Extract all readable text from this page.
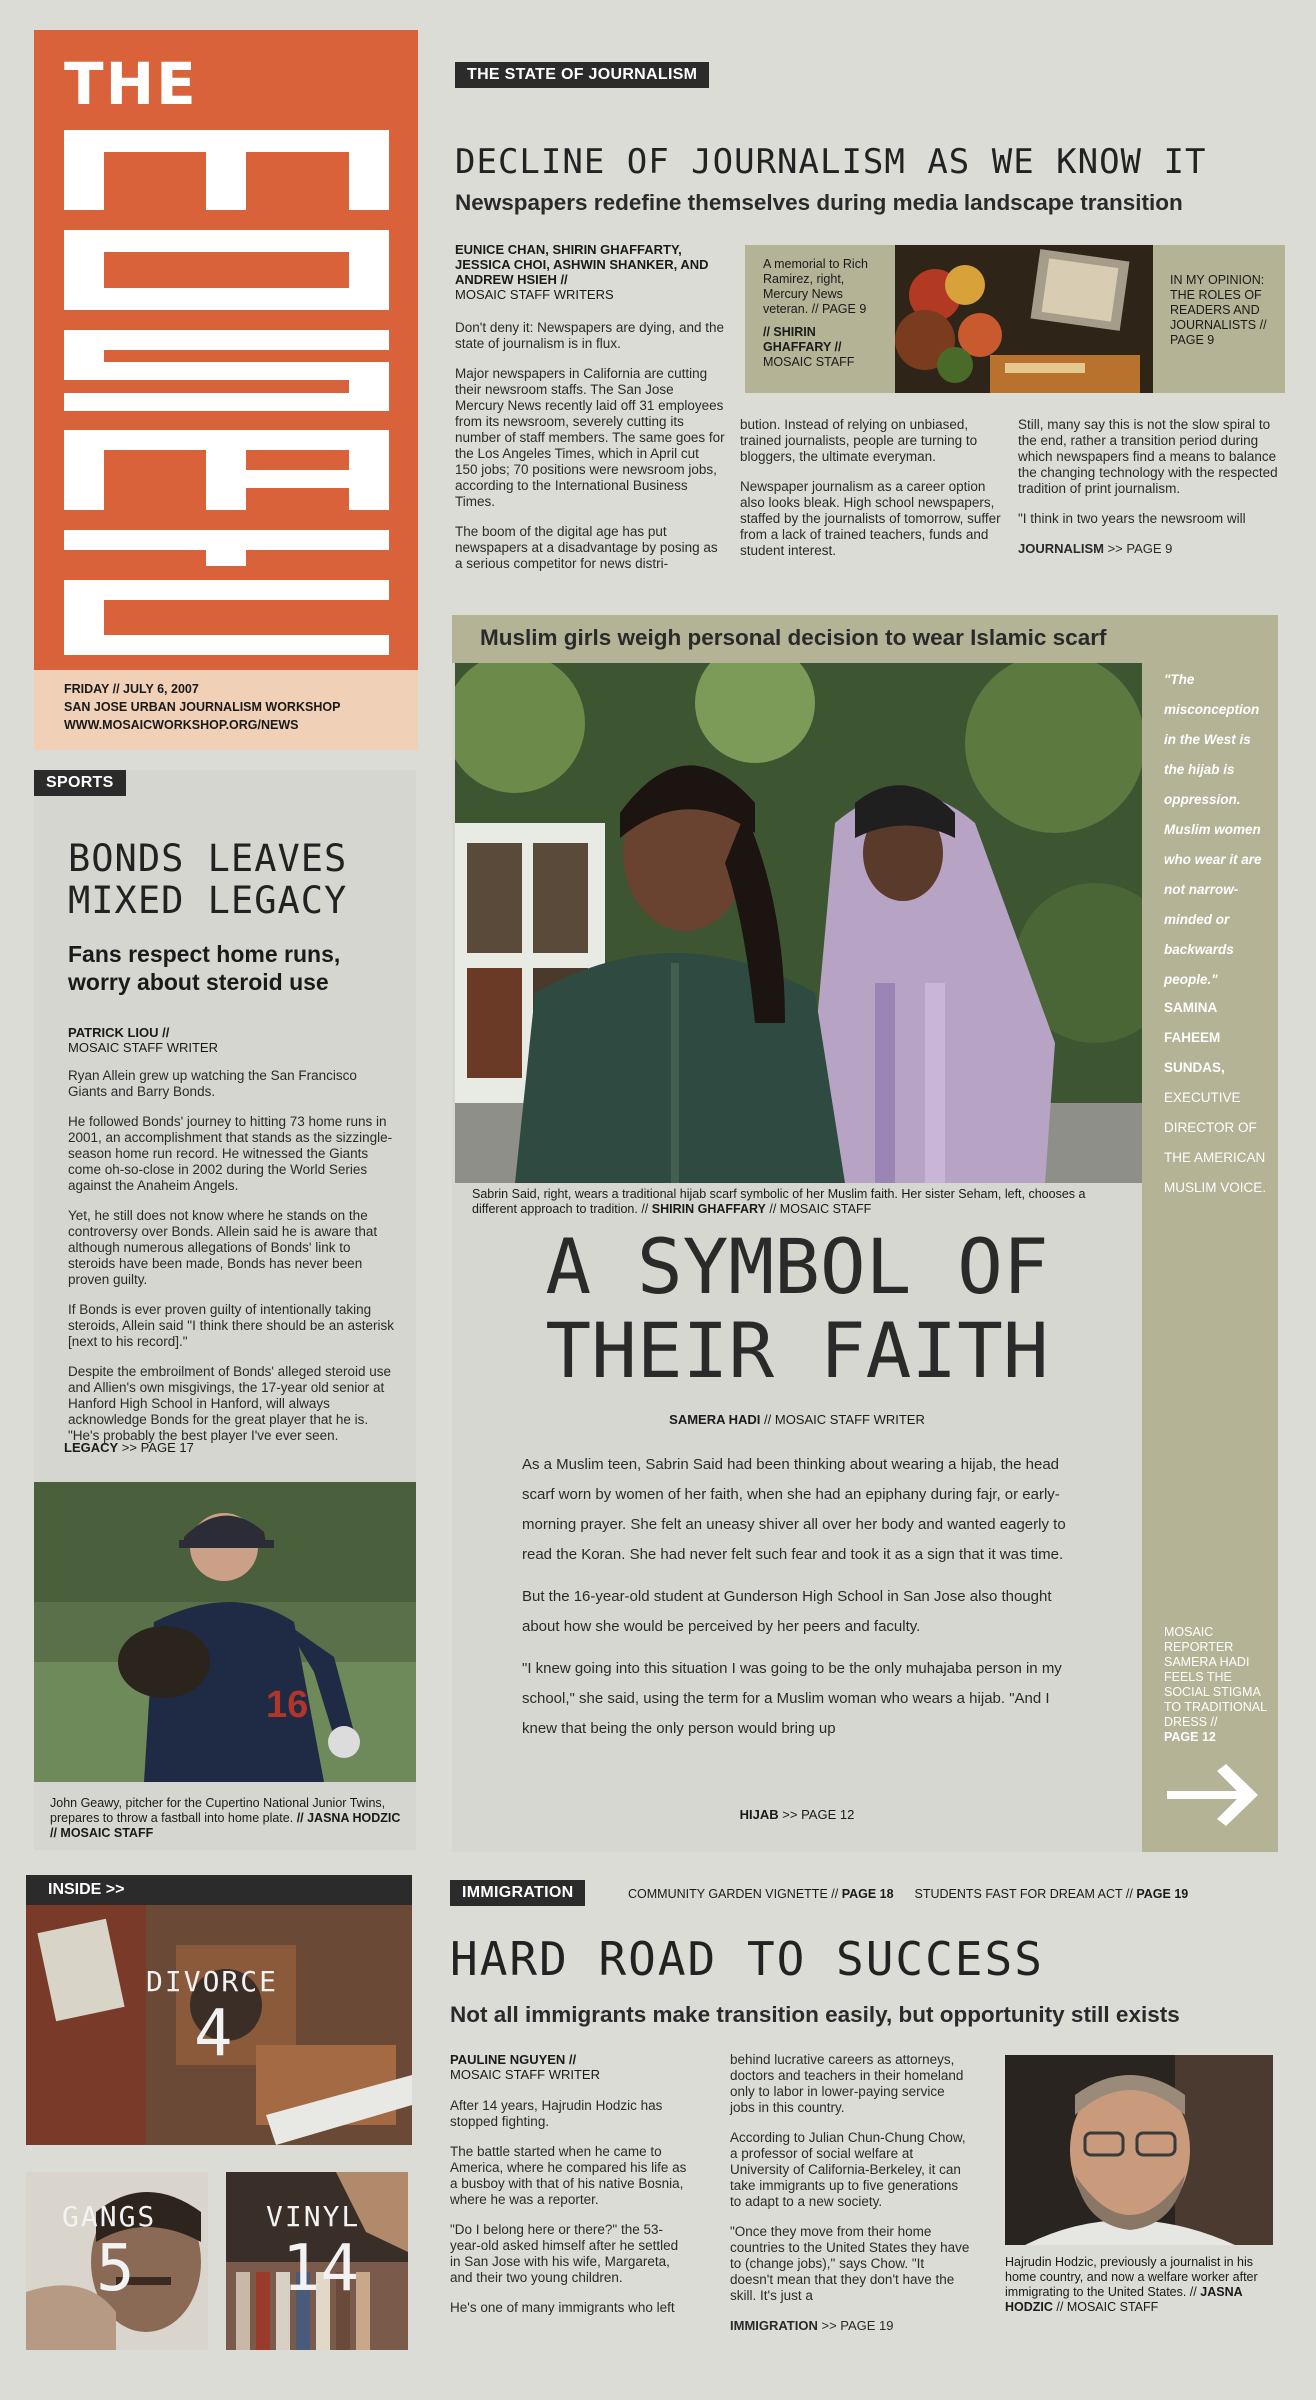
THE
FRIDAY // JULY 6, 2007
SAN JOSE URBAN JOURNALISM WORKSHOP
WWW.MOSAICWORKSHOP.ORG/NEWS
THE STATE OF JOURNALISM
DECLINE OF JOURNALISM AS WE KNOW IT
Newspapers redefine themselves during media landscape transition
EUNICE CHAN, SHIRIN GHAFFARTY, JESSICA CHOI, ASHWIN SHANKER, AND ANDREW HSIEH //
MOSAIC STAFF WRITERS

Don't deny it: Newspapers are dying, and the state of journalism is in flux.

Major newspapers in California are cutting their newsroom staffs. The San Jose Mercury News recently laid off 31 employees from its newsroom, severely cutting its number of staff members. The same goes for the Los Angeles Times, which in April cut 150 jobs; 70 positions were newsroom jobs, according to the International Business Times.

The boom of the digital age has put newspapers at a disadvantage by posing as a serious competitor for news distri-

A memorial to Rich Ramirez, right, Mercury News veteran. // PAGE 9
// SHIRIN GHAFFARY //
MOSAIC STAFF
IN MY OPINION: THE ROLES OF READERS AND JOURNALISTS // PAGE 9

bution. Instead of relying on unbiased, trained journalists, people are turning to bloggers, the ultimate everyman.

Newspaper journalism as a career option also looks bleak. High school newspapers, staffed by the journalists of tomorrow, suffer from a lack of trained teachers, funds and student interest.

Still, many say this is not the slow spiral to the end, rather a transition period during which newspapers find a means to balance the changing technology with the respected tradition of print journalism.

"I think in two years the newsroom will

JOURNALISM >> PAGE 9
SPORTS
BONDS LEAVES
MIXED LEGACY
Fans respect home runs, worry about steroid use
PATRICK LIOU //
MOSAIC STAFF WRITER

Ryan Allein grew up watching the San Francisco Giants and Barry Bonds.

He followed Bonds' journey to hitting 73 home runs in 2001, an accomplishment that stands as the sizzingle-season home run record. He witnessed the Giants come oh-so-close in 2002 during the World Series against the Anaheim Angels.

Yet, he still does not know where he stands on the controversy over Bonds. Allein said he is aware that although numerous allegations of Bonds' link to steroids have been made, Bonds has never been proven guilty.

If Bonds is ever proven guilty of intentionally taking steroids, Allein said "I think there should be an asterisk [next to his record]."

Despite the embroilment of Bonds' alleged steroid use and Allien's own misgivings, the 17-year old senior at Hanford High School in Hanford, will always acknowledge Bonds for the great player that he is. "He's probably the best player I've ever seen.

LEGACY >> PAGE 17
16
John Geawy, pitcher for the Cupertino National Junior Twins, prepares to throw a fastball into home plate. // JASNA HODZIC // MOSAIC STAFF
Muslim girls weigh personal decision to wear Islamic scarf
Sabrin Said, right, wears a traditional hijab scarf symbolic of her Muslim faith. Her sister Seham, left, chooses a different approach to tradition. // SHIRIN GHAFFARY // MOSAIC STAFF
"The misconception in the West is the hijab is oppression. Muslim women who wear it are not narrow-minded or backwards people."
SAMINA FAHEEM SUNDAS,
EXECUTIVE DIRECTOR OF THE AMERICAN MUSLIM VOICE.
MOSAIC REPORTER SAMERA HADI FEELS THE SOCIAL STIGMA TO TRADITIONAL DRESS //
PAGE 12
A SYMBOL OF
THEIR FAITH
SAMERA HADI // MOSAIC STAFF WRITER

As a Muslim teen, Sabrin Said had been thinking about wearing a hijab, the head scarf worn by women of her faith, when she had an epiphany during fajr, or early-morning prayer. She felt an uneasy shiver all over her body and wanted eagerly to read the Koran. She had never felt such fear and took it as a sign that it was time.

But the 16-year-old student at Gunderson High School in San Jose also thought about how she would be perceived by her peers and faculty.

"I knew going into this situation I was going to be the only muhajaba person in my school," she said, using the term for a Muslim woman who wears a hijab. "And I knew that being the only person would bring up

HIJAB >> PAGE 12
INSIDE >>
DIVORCE
4
GANGS
5
VINYL
14
IMMIGRATION	COMMUNITY GARDEN VIGNETTE // PAGE 18 STUDENTS FAST FOR DREAM ACT // PAGE 19
HARD ROAD TO SUCCESS
Not all immigrants make transition easily, but opportunity still exists
PAULINE NGUYEN //
MOSAIC STAFF WRITER

After 14 years, Hajrudin Hodzic has stopped fighting.

The battle started when he came to America, where he compared his life as a busboy with that of his native Bosnia, where he was a reporter.

"Do I belong here or there?" the 53-year-old asked himself after he settled in San Jose with his wife, Margareta, and their two young children.

He's one of many immigrants who left

behind lucrative careers as attorneys, doctors and teachers in their homeland only to labor in lower-paying service jobs in this country.

According to Julian Chun-Chung Chow, a professor of social welfare at University of California-Berkeley, it can take immigrants up to five generations to adapt to a new society.

"Once they move from their home countries to the United States they have to (change jobs)," says Chow. "It doesn't mean that they don't have the skill. It's just a

IMMIGRATION >> PAGE 19
Hajrudin Hodzic, previously a journalist in his home country, and now a welfare worker after immigrating to the United States. // JASNA HODZIC // MOSAIC STAFF
